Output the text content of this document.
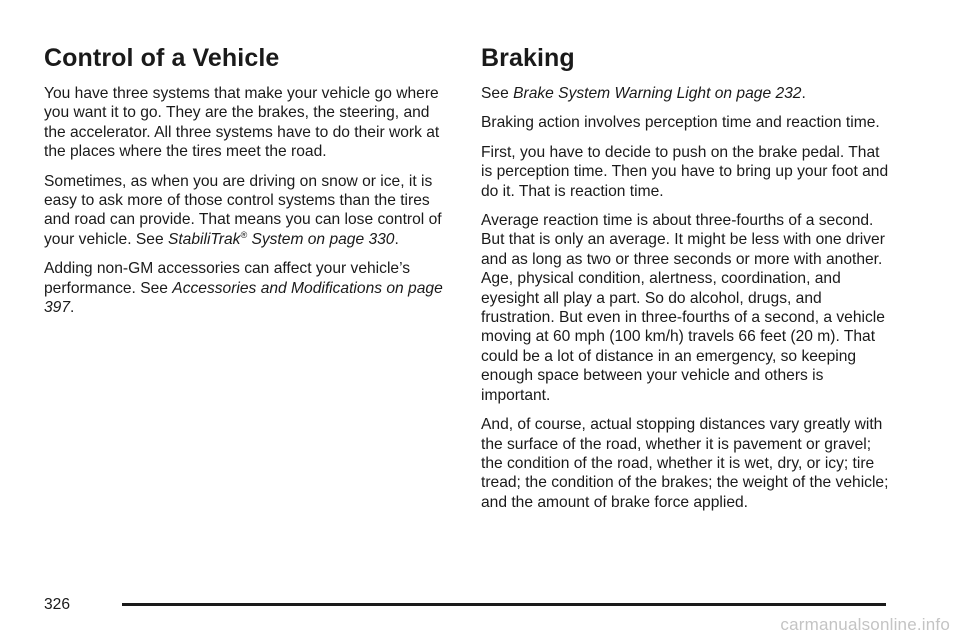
Control of a Vehicle

You have three systems that make your vehicle go where you want it to go. They are the brakes, the steering, and the accelerator. All three systems have to do their work at the places where the tires meet the road.

Sometimes, as when you are driving on snow or ice, it is easy to ask more of those control systems than the tires and road can provide. That means you can lose control of your vehicle. See StabiliTrak® System on page 330.

Adding non-GM accessories can affect your vehicle’s performance. See Accessories and Modifications on page 397.

Braking

See Brake System Warning Light on page 232.

Braking action involves perception time and reaction time.

First, you have to decide to push on the brake pedal. That is perception time. Then you have to bring up your foot and do it. That is reaction time.

Average reaction time is about three-fourths of a second. But that is only an average. It might be less with one driver and as long as two or three seconds or more with another. Age, physical condition, alertness, coordination, and eyesight all play a part. So do alcohol, drugs, and frustration. But even in three-fourths of a second, a vehicle moving at 60 mph (100 km/h) travels 66 feet (20 m). That could be a lot of distance in an emergency, so keeping enough space between your vehicle and others is important.

And, of course, actual stopping distances vary greatly with the surface of the road, whether it is pavement or gravel; the condition of the road, whether it is wet, dry, or icy; tire tread; the condition of the brakes; the weight of the vehicle; and the amount of brake force applied.

326
carmanualsonline.info
